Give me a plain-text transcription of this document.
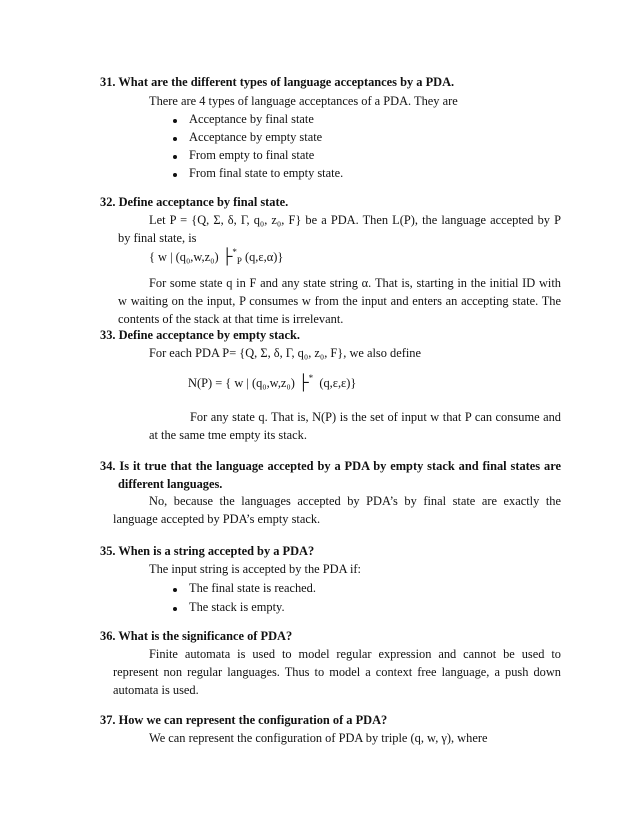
31. What are the different types of language acceptances by a PDA.
There are 4 types of language acceptances of a PDA. They are
Acceptance by final state
Acceptance by empty state
From empty to final state
From final state to empty state.
32. Define acceptance by final state.
Let P = {Q, Σ, δ, Γ, q₀, z₀, F} be a PDA. Then L(P), the language accepted by P
by final state, is
{ w | (q₀,w,z₀) $├^*_P$ (q,ε,α)}
For some state q in F and any state string α. That is, starting in the initial ID with
w waiting on the input, P consumes w from the input and enters an accepting state. The
contents of the stack at that time is irrelevant.
33. Define acceptance by empty stack.
For each PDA P= {Q, Σ, δ, Γ, q₀, z₀, F}, we also define
N(P) = { w | (q₀,w,z₀) ├* (q,ε,ε)}
For any state q. That is, N(P) is the set of input w that P can consume and
at the same tme empty its stack.
34. Is it true that the language accepted by a PDA by empty stack and final states are
different languages.
No, because the languages accepted by PDA’s by final state are exactly the
language accepted by PDA’s empty stack.
35. When is a string accepted by a PDA?
The input string is accepted by the PDA if:
The final state is reached.
The stack is empty.
36. What is the significance of PDA?
Finite automata is used to model regular expression and cannot be used to
represent non regular languages. Thus to model a context free language, a push down
automata is used.
37. How we can represent the configuration of a PDA?
We can represent the configuration of PDA by triple (q, w, γ), where
